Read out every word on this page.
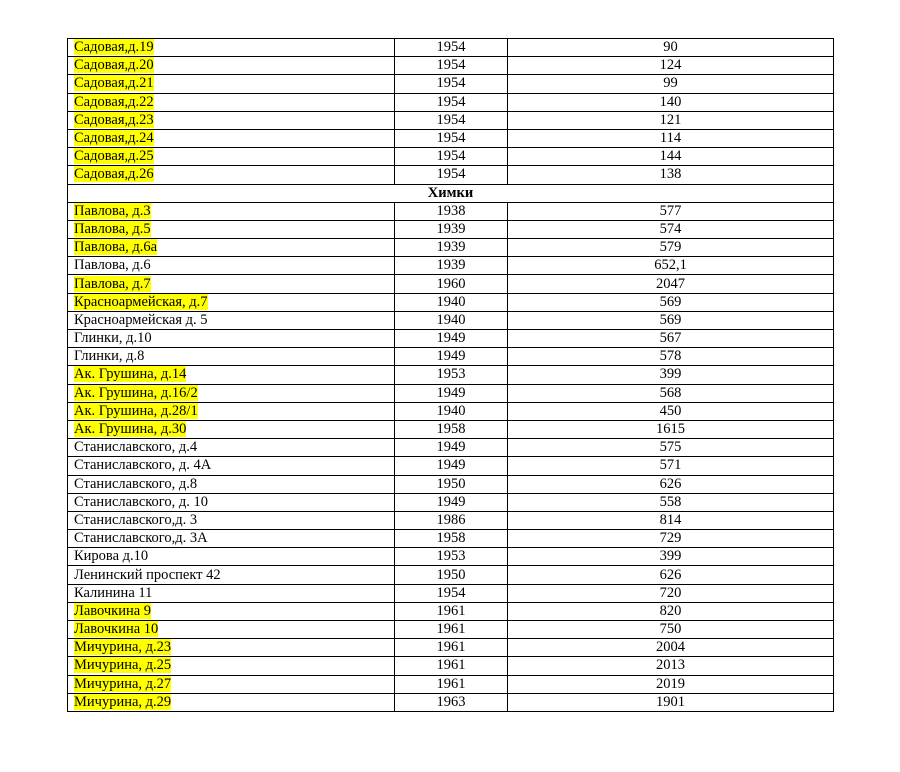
Садовая,д.19	1954	90
Садовая,д.20	1954	124
Садовая,д.21	1954	99
Садовая,д.22	1954	140
Садовая,д.23	1954	121
Садовая,д.24	1954	114
Садовая,д.25	1954	144
Садовая,д.26	1954	138
Химки		
Павлова, д.3	1938	577
Павлова, д.5	1939	574
Павлова, д.6а	1939	579
Павлова, д.6	1939	652,1
Павлова, д.7	1960	2047
Красноармейская, д.7	1940	569
Красноармейская д. 5	1940	569
Глинки, д.10	1949	567
Глинки, д.8	1949	578
Ак. Грушина, д.14	1953	399
Ак. Грушина, д.16/2	1949	568
Ак. Грушина, д.28/1	1940	450
Ак. Грушина, д.30	1958	1615
Станиславского, д.4	1949	575
Станиславского, д. 4А	1949	571
Станиславского, д.8	1950	626
Станиславского, д. 10	1949	558
Станиславского,д. 3	1986	814
Станиславского,д. 3А	1958	729
Кирова д.10	1953	399
Ленинский проспект 42	1950	626
Калинина 11	1954	720
Лавочкина 9	1961	820
Лавочкина 10	1961	750
Мичурина, д.23	1961	2004
Мичурина, д.25	1961	2013
Мичурина, д.27	1961	2019
Мичурина, д.29	1963	1901
